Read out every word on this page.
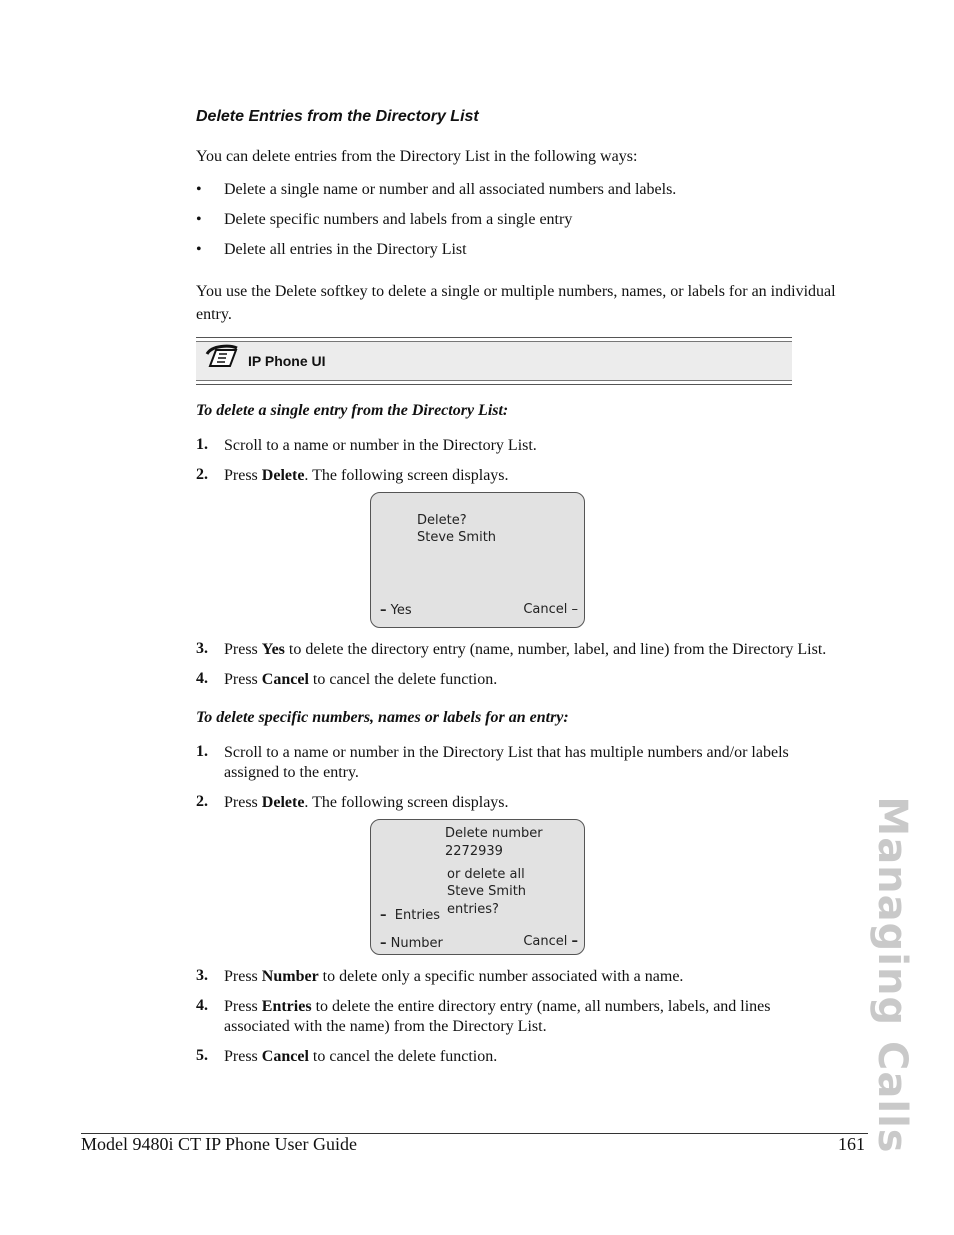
Delete Entries from the Directory List
You can delete entries from the Directory List in the following ways:
• Delete a single name or number and all associated numbers and labels.
• Delete specific numbers and labels from a single entry
• Delete all entries in the Directory List
You use the Delete softkey to delete a single or multiple numbers, names, or labels for an individual entry.
IP Phone UI
To delete a single entry from the Directory List:
1. Scroll to a name or number in the Directory List.
2. Press Delete. The following screen displays.
Delete?
Steve Smith
– Yes	Cancel –
3. Press Yes to delete the directory entry (name, number, label, and line) from the Directory List.
4. Press Cancel to cancel the delete function.
To delete specific numbers, names or labels for an entry:
1. Scroll to a name or number in the Directory List that has multiple numbers and/or labels assigned to the entry.
2. Press Delete. The following screen displays.
Delete number
2272939
or delete all
Steve Smith
entries?
– Entries
– Number	Cancel –
3. Press Number to delete only a specific number associated with a name.
4. Press Entries to delete the entire directory entry (name, all numbers, labels, and lines associated with the name) from the Directory List.
5. Press Cancel to cancel the delete function.	Managing Calls
Model 9480i CT IP Phone User Guide	161
